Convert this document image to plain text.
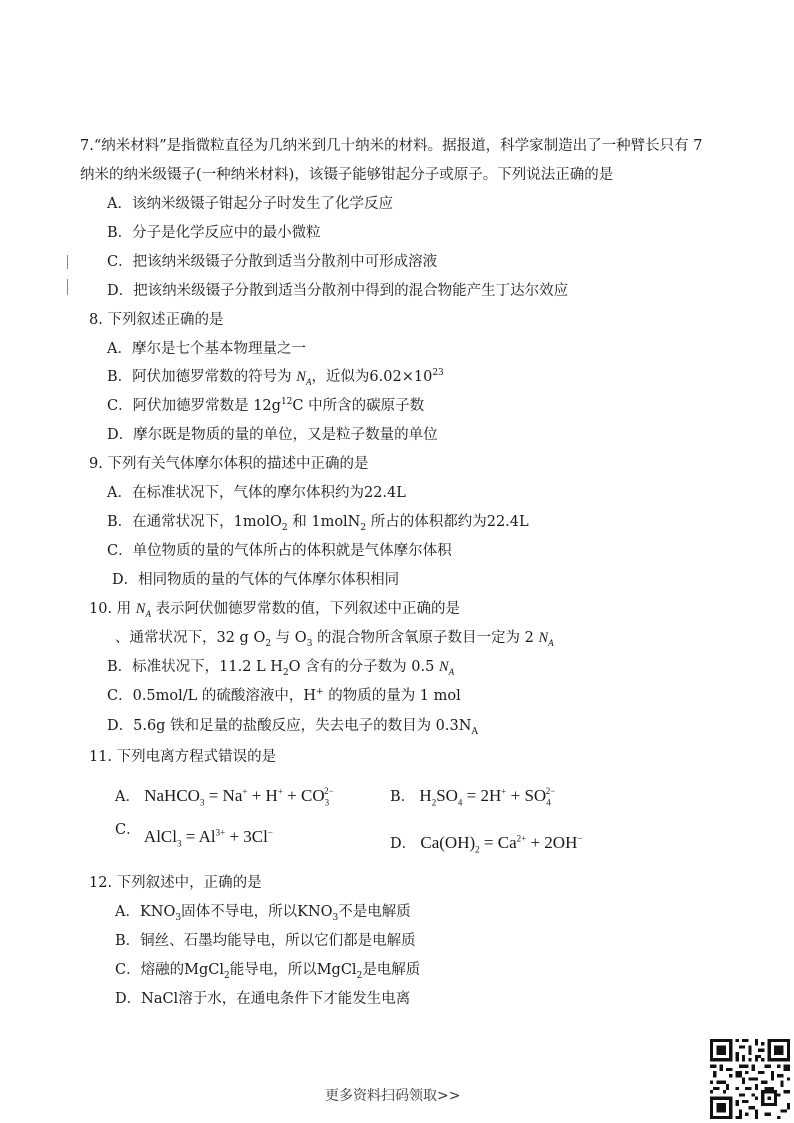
7.“纳米材料”是指微粒直径为几纳米到几十纳米的材料。据报道，科学家制造出了一种臂长只有 7
纳米的纳米级镊子(一种纳米材料)，该镊子能够钳起分子或原子。下列说法正确的是
A．该纳米级镊子钳起分子时发生了化学反应
B．分子是化学反应中的最小微粒
C．把该纳米级镊子分散到适当分散剂中可形成溶液
D．把该纳米级镊子分散到适当分散剂中得到的混合物能产生丁达尔效应
8. 下列叙述正确的是
A．摩尔是七个基本物理量之一
B．阿伏加德罗常数的符号为 $N_A$，近似为$6.02\times 10^{23}$
C．阿伏加德罗常数是 $12g^{12}C$ 中所含的碳原子数
D．摩尔既是物质的量的单位，又是粒子数量的单位
9. 下列有关气体摩尔体积的描述中正确的是
A．在标准状况下，气体的摩尔体积约为22.4L
B．在通常状况下，1molO$_2$ 和 1molN$_2$ 所占的体积都约为22.4L
C．单位物质的量的气体所占的体积就是气体摩尔体积
D．相同物质的量的气体的气体摩尔体积相同
10. 用 $N_A$ 表示阿伏伽德罗常数的值，下列叙述中正确的是
、通常状况下，32 g $O_2$ 与 $O_3$ 的混合物所含氧原子数目一定为 2 $N_A$
B．标准状况下，11.2 L $H_2O$ 含有的分子数为 0.5 $N_A$
C．0.5mol/L 的硫酸溶液中，H+ 的物质的量为 1 mol
D．5.6g 铁和足量的盐酸反应，失去电子的数目为 $0.3N_A$
11. 下列电离方程式错误的是
A． NaHCO$_3$ = $Na^+ + H^+ + CO_3^{2-}$	B． $H_2SO_4 = 2H^+ + SO_4^{2-}$
C． AlCl$_3$ = $Al^{3+} + 3Cl^-$
D． $Ca(OH)_2 = Ca^{2+} + 2OH^-$
12. 下列叙述中，正确的是
A．$KNO_3$固体不导电，所以$KNO_3$不是电解质
B．铜丝、石墨均能导电，所以它们都是电解质
C．熔融的MgCl$_2$能导电，所以MgCl$_2$是电解质
D．NaCl溶于水，在通电条件下才能发生电离
更多资料扫码领取>>
